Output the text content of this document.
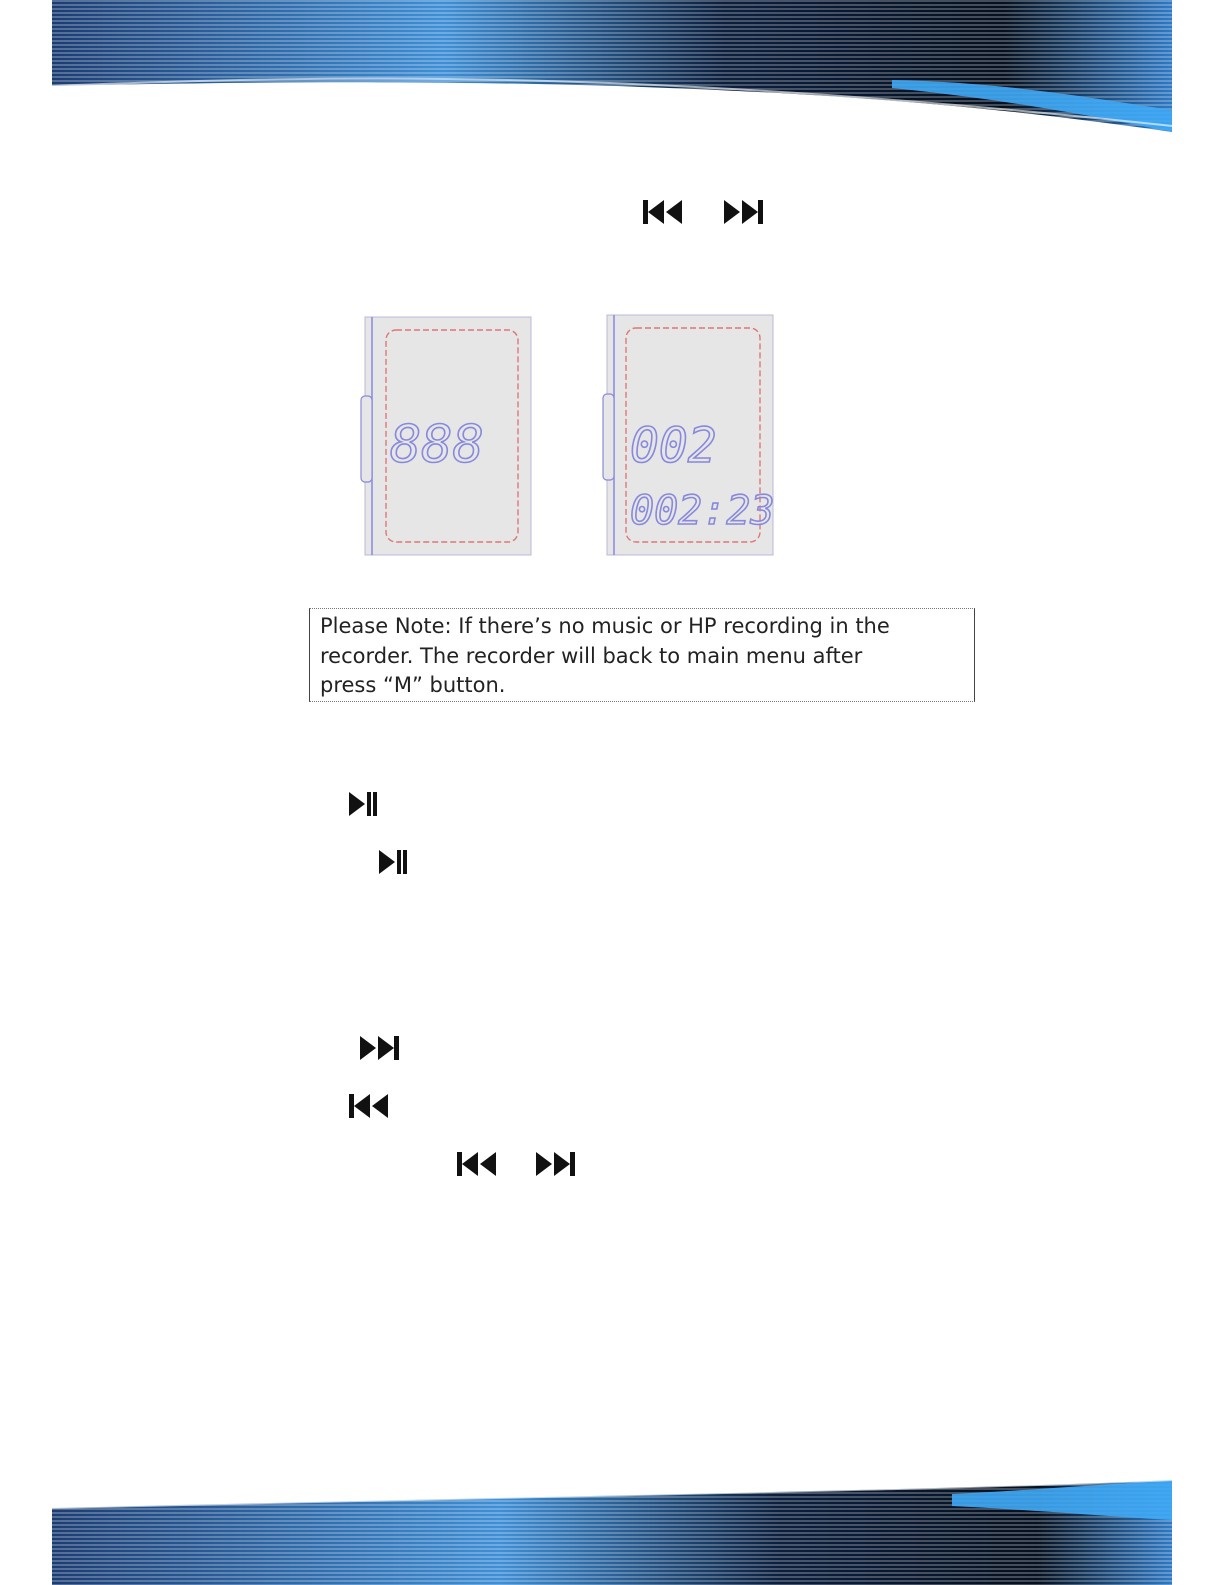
888	002
002:23

Please Note: If there’s no music or HP recording in the
recorder. The recorder will back to main menu after
press “M” button.
